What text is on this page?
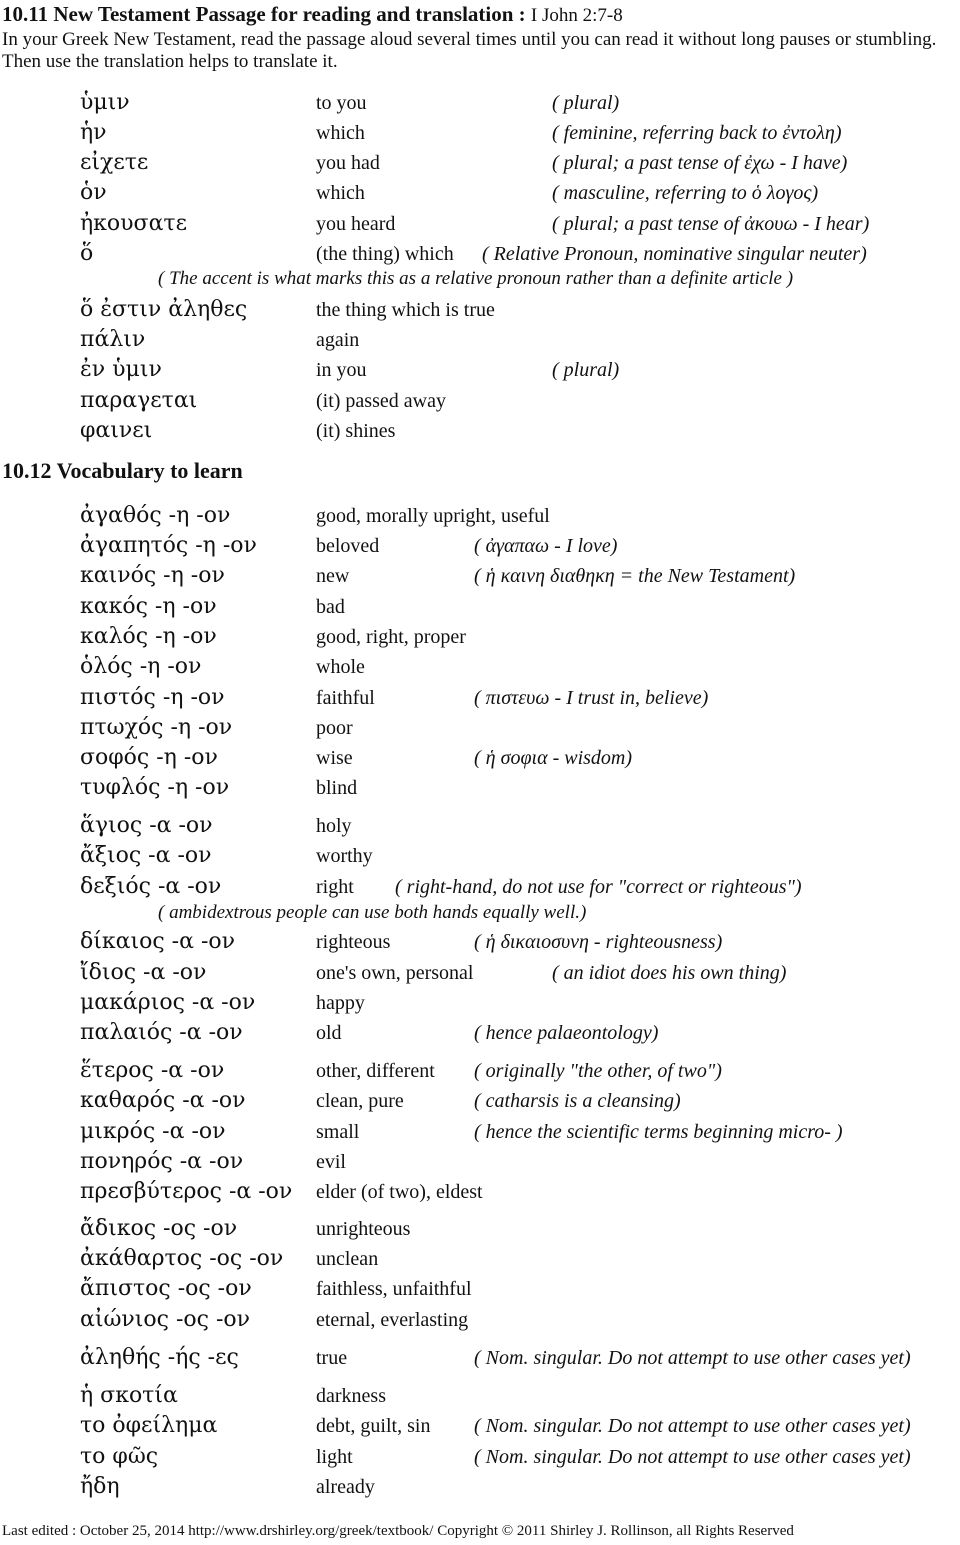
10.11 New Testament Passage for reading and translation : I John 2:7-8
In your Greek New Testament, read the passage aloud several times until you can read it without long pauses or stumbling. Then use the translation helps to translate it.
ὑμιν	to you	( plural)
ἡν	which	( feminine, referring back to ἐντολη)
εἰχετε	you had	( plural; a past tense of ἐχω - I have)
ὁν	which	( masculine, referring to ὁ λογος)
ἠκουσατε	you heard	( plural; a past tense of ἀκουω - I hear)
ὅ	(the thing) which ( Relative Pronoun, nominative singular neuter)
ὅ ἐστιν ἀληθες	the thing which is true
πάλιν	again
ἐν ὑμιν	in you	( plural)
παραγεται	(it) passed away
φαινει	(it) shines
( The accent is what marks this as a relative pronoun rather than a definite article )
10.12 Vocabulary to learn
ἀγαθός -η -ον	good, morally upright, useful
ἀγαπητός -η -ον	beloved	( ἀγαπαω - I love)
καινός -η -ον	new	( ἡ καινη διαθηκη = the New Testament)
κακός -η -ον	bad
καλός -η -ον	good, right, proper
ὁλός -η -ον	whole
πιστός -η -ον	faithful	( πιστευω - I trust in, believe)
πτωχός -η -ον	poor
σοφός -η -ον	wise	( ἡ σοφια - wisdom)
τυφλός -η -ον	blind
ἅγιος -α -ον	holy
ἄξιος -α -ον	worthy
δεξιός -α -ον	right ( right-hand, do not use for "correct or righteous")
δίκαιος -α -ον	righteous	( ἡ δικαιοσυνη - righteousness)
ἴδιος -α -ον	one's own, personal	( an idiot does his own thing)
μακάριος -α -ον	happy
παλαιός -α -ον	old	( hence palaeontology)
ἕτερος -α -ον	other, different ( originally "the other, of two")
καθαρός -α -ον	clean, pure	( catharsis is a cleansing)
μικρός -α -ον	small	( hence the scientific terms beginning micro- )
πονηρός -α -ον	evil
πρεσβύτερος -α -ον elder (of two), eldest
ἄδικος -ος -ον	unrighteous
ἀκάθαρτος -ος -ον unclean
ἄπιστος -ος -ον	faithless, unfaithful
αἰώνιος -ος -ον	eternal, everlasting
ἀληθής -ής -ες	true	( Nom. singular. Do not attempt to use other cases yet)
ἡ σκοτία	darkness
το ὀφείλημα	debt, guilt, sin ( Nom. singular. Do not attempt to use other cases yet)
το φῶς	light	( Nom. singular. Do not attempt to use other cases yet)
ἤδη	already
( ambidextrous people can use both hands equally well.)
Last edited : October 25, 2014 http://www.drshirley.org/greek/textbook/ Copyright © 2011 Shirley J. Rollinson, all Rights Reserved
